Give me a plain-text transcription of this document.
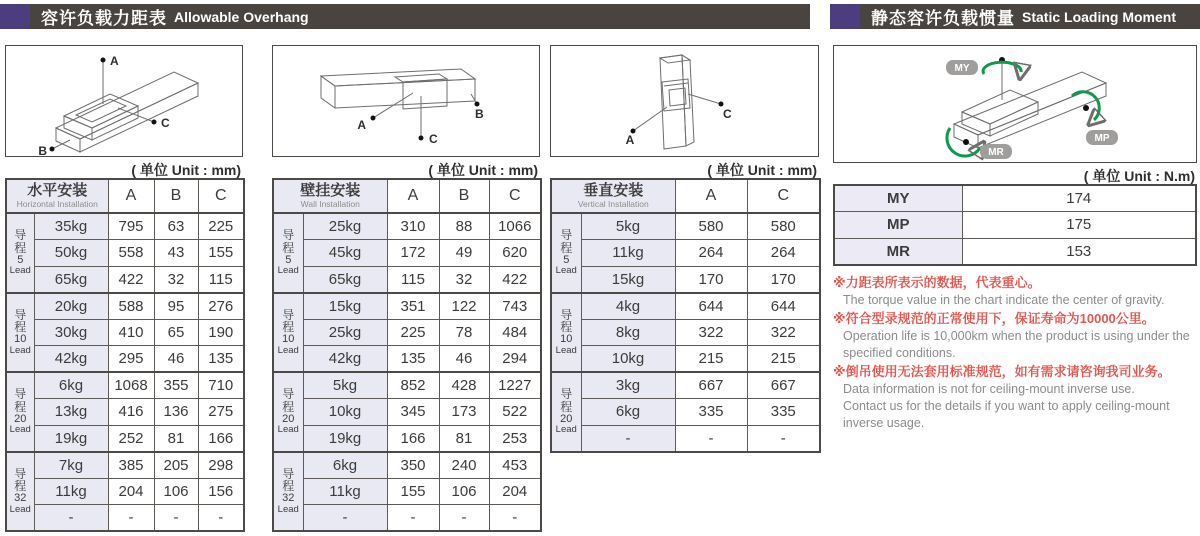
容许负载力距表 Allowable Overhang	静态容许负载惯量 Static Loading Moment
A
B
C
( 单位 Unit : mm)
水平安装
Horizontal Installation		A	B	C

导
程
5
Lead	35kg	795	63	225
	50kg	558	43	155
	65kg	422	32	115

导
程
10
Lead	20kg	588	95	276
	30kg	410	65	190
	42kg	295	46	135

导
程
20
Lead	6kg	1068	355	710
	13kg	416	136	275
	19kg	252	81	166

导
程
32
Lead	7kg	385	205	298
	11kg	204	106	156
	-	-	-	-
A
C
B
( 单位 Unit : mm)
壁挂安装
Wall Installation		A	B	C

导
程
5
Lead	25kg	310	88	1066
	45kg	172	49	620
	65kg	115	32	422

导
程
10
Lead	15kg	351	122	743
	25kg	225	78	484
	42kg	135	46	294

导
程
20
Lead	5kg	852	428	1227
	10kg	345	173	522
	19kg	166	81	253

导
程
32
Lead	6kg	350	240	453
	11kg	155	106	204
	-	-	-	-
A
C
( 单位 Unit : mm)
垂直安装
Vertical Installation		A	C

导
程
5
Lead	5kg	580	580
	11kg	264	264
	15kg	170	170

导
程
10
Lead	4kg	644	644
	8kg	322	322
	10kg	215	215

导
程
20
Lead	3kg	667	667
	6kg	335	335
	-	-	-
MY
MP
MR
( 单位 Unit : N.m)
MY	174
MP	175
MR	153
※力距表所表示的数据，代表重心。
The torque value in the chart indicate the center of gravity.
※符合型录规范的正常使用下，保证寿命为10000公里。
Operation life is 10,000km when the product is using under the
specified conditions.
※倒吊使用无法套用标准规范，如有需求请咨询我司业务。
Data information is not for ceiling-mount inverse use.
Contact us for the details if you want to apply ceiling-mount
inverse usage.
